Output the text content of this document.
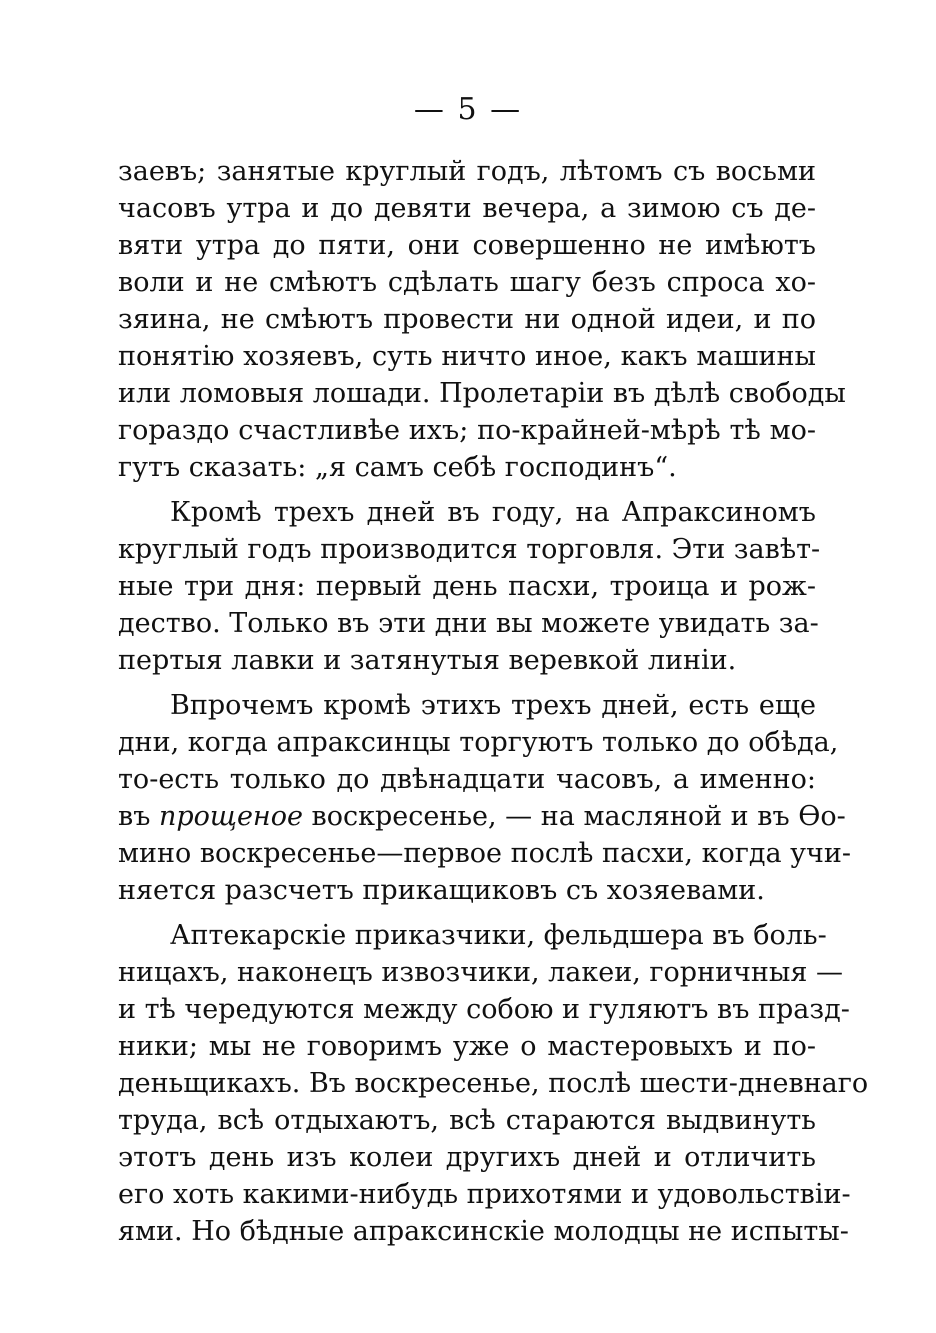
— 5 —
заевъ; занятые круглый годъ, лѣтомъ съ восьми
часовъ утра и до девяти вечера, а зимою съ де-
вяти утра до пяти, они совершенно не имѣютъ
воли и не смѣютъ сдѣлать шагу безъ спроса хо-
зяина, не смѣютъ провести ни одной идеи, и по
понятію хозяевъ, суть ничто иное, какъ машины
или ломовыя лошади. Пролетаріи въ дѣлѣ свободы
гораздо счастливѣе ихъ; по-крайней-мѣрѣ тѣ мо-
гутъ сказать: „я самъ себѣ господинъ“.
Кромѣ трехъ дней въ году, на Апраксиномъ
круглый годъ производится торговля. Эти завѣт-
ные три дня: первый день пасхи, троица и рож-
дество. Только въ эти дни вы можете увидать за-
пертыя лавки и затянутыя веревкой линіи.
Впрочемъ кромѣ этихъ трехъ дней, есть еще
дни, когда апраксинцы торгуютъ только до обѣда,
то-есть только до двѣнадцати часовъ, а именно:
въ прощеное воскресенье, — на масляной и въ Ѳо-
мино воскресенье—первое послѣ пасхи, когда учи-
няется разсчетъ прикащиковъ съ хозяевами.
Аптекарскіе приказчики, фельдшера въ боль-
ницахъ, наконецъ извозчики, лакеи, горничныя —
и тѣ чередуются между собою и гуляютъ въ празд-
ники; мы не говоримъ уже о мастеровыхъ и по-
деньщикахъ. Въ воскресенье, послѣ шести-дневнаго
труда, всѣ отдыхаютъ, всѣ стараются выдвинуть
этотъ день изъ колеи другихъ дней и отличить
его хоть какими-нибудь прихотями и удовольствіи-
ями. Но бѣдные апраксинскіе молодцы не испыты-
